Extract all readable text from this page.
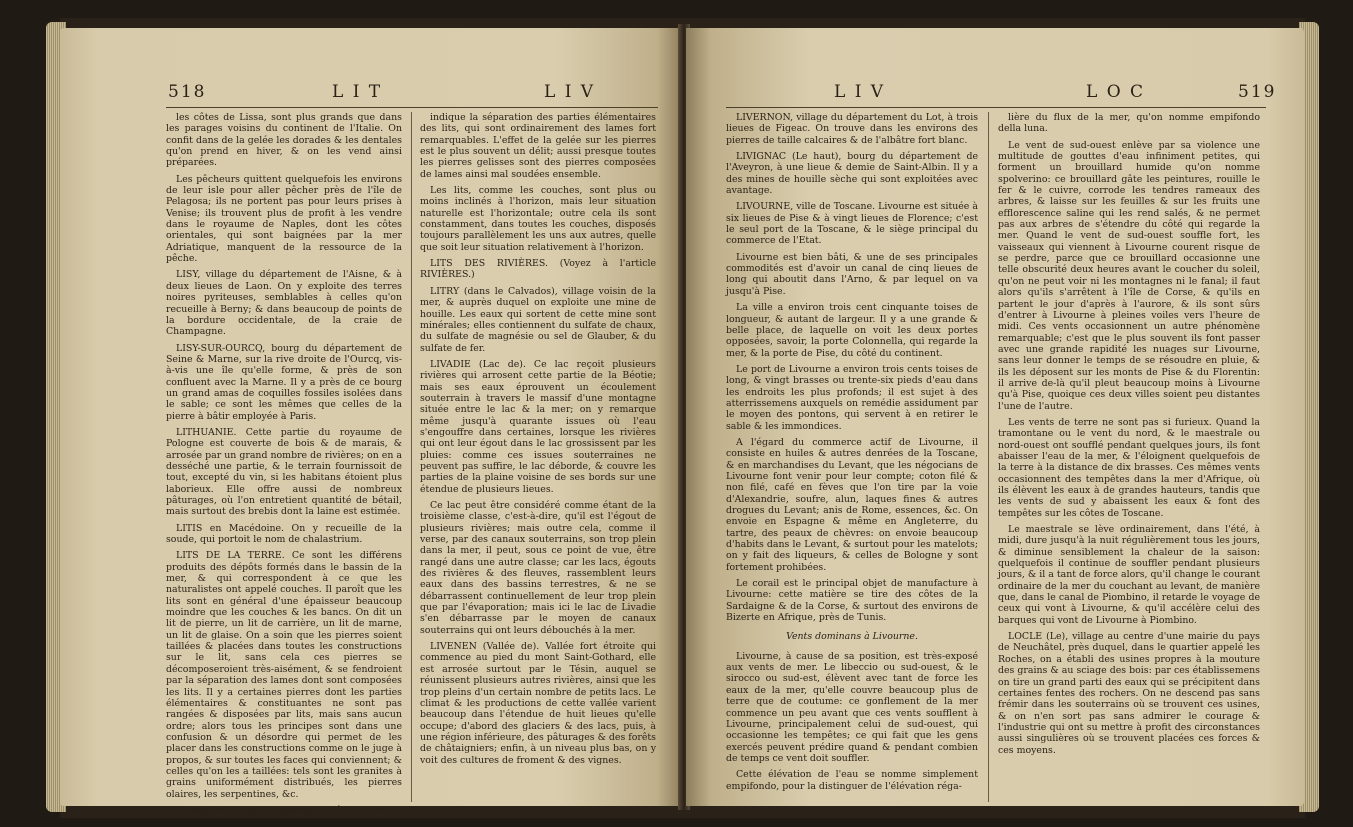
518	L I T	L I V

les côtes de Lissa, sont plus grands que dans les parages voisins du continent de l'Italie. On confit dans de la gelée les dorades & les dentales qu'on prend en hiver, & on les vend ainsi préparées.

Les pêcheurs quittent quelquefois les environs de leur isle pour aller pêcher près de l'île de Pelagosa; ils ne portent pas pour leurs prises à Venise; ils trouvent plus de profit à les vendre dans le royaume de Naples, dont les côtes orientales, qui sont baignées par la mer Adriatique, manquent de la ressource de la pêche.

LISY, village du département de l'Aisne, & à deux lieues de Laon. On y exploite des terres noires pyriteuses, semblables à celles qu'on recueille à Berny; & dans beaucoup de points de la bordure occidentale, de la craie de Champagne.

LISY-SUR-OURCQ, bourg du département de Seine & Marne, sur la rive droite de l'Ourcq, vis-à-vis une île qu'elle forme, & près de son confluent avec la Marne. Il y a près de ce bourg un grand amas de coquilles fossiles isolées dans le sable; ce sont les mêmes que celles de la pierre à bâtir employée à Paris.

LITHUANIE. Cette partie du royaume de Pologne est couverte de bois & de marais, & arrosée par un grand nombre de rivières; on en a desséché une partie, & le terrain fournissoit de tout, excepté du vin, si les habitans étoient plus laborieux. Elle offre aussi de nombreux pâturages, où l'on entretient quantité de bétail, mais surtout des brebis dont la laine est estimée.

LITIS en Macédoine. On y recueille de la soude, qui portoit le nom de chalastrium.

LITS DE LA TERRE. Ce sont les différens produits des dépôts formés dans le bassin de la mer, & qui correspondent à ce que les naturalistes ont appelé couches. Il paroît que les lits sont en général d'une épaisseur beaucoup moindre que les couches & les bancs. On dit un lit de pierre, un lit de carrière, un lit de marne, un lit de glaise. On a soin que les pierres soient taillées & placées dans toutes les constructions sur le lit, sans cela ces pierres se décomposeroient très-aisément, & se fendroient par la séparation des lames dont sont composées les lits. Il y a certaines pierres dont les parties élémentaires & constituantes ne sont pas rangées & disposées par lits, mais sans aucun ordre; alors tous les principes sont dans une confusion & un désordre qui permet de les placer dans les constructions comme on le juge à propos, & sur toutes les faces qui conviennent; & celles qu'on les a taillées: tels sont les granites à grains uniformément distribués, les pierres olaires, les serpentines, &c.

Lorsqu'on dit que les pierres se délitent, on

indique la séparation des parties élémentaires des lits, qui sont ordinairement des lames fort remarquables. L'effet de la gelée sur les pierres est le plus souvent un délit; aussi presque toutes les pierres gelisses sont des pierres composées de lames ainsi mal soudées ensemble.

Les lits, comme les couches, sont plus ou moins inclinés à l'horizon, mais leur situation naturelle est l'horizontale; outre cela ils sont constamment, dans toutes les couches, disposés toujours parallèlement les uns aux autres, quelle que soit leur situation relativement à l'horizon.

LITS DES RIVIÈRES. (Voyez à l'article RIVIÈRES.)

LITRY (dans le Calvados), village voisin de la mer, & auprès duquel on exploite une mine de houille. Les eaux qui sortent de cette mine sont minérales; elles contiennent du sulfate de chaux, du sulfate de magnésie ou sel de Glauber, & du sulfate de fer.

LIVADIE (Lac de). Ce lac reçoit plusieurs rivières qui arrosent cette partie de la Béotie; mais ses eaux éprouvent un écoulement souterrain à travers le massif d'une montagne située entre le lac & la mer; on y remarque même jusqu'à quarante issues où l'eau s'engouffre dans certaines, lorsque les rivières qui ont leur égout dans le lac grossissent par les pluies: comme ces issues souterraines ne peuvent pas suffire, le lac déborde, & couvre les parties de la plaine voisine de ses bords sur une étendue de plusieurs lieues.

Ce lac peut être considéré comme étant de la troisième classe, c'est-à-dire, qu'il est l'égout de plusieurs rivières; mais outre cela, comme il verse, par des canaux souterrains, son trop plein dans la mer, il peut, sous ce point de vue, être rangé dans une autre classe; car les lacs, égouts des rivières & des fleuves, rassemblent leurs eaux dans des bassins terrestres, & ne se débarrassent continuellement de leur trop plein que par l'évaporation; mais ici le lac de Livadie s'en débarrasse par le moyen de canaux souterrains qui ont leurs débouchés à la mer.

LIVENEN (Vallée de). Vallée fort étroite qui commence au pied du mont Saint-Gothard, elle est arrosée surtout par le Tésin, auquel se réunissent plusieurs autres rivières, ainsi que les trop pleins d'un certain nombre de petits lacs. Le climat & les productions de cette vallée varient beaucoup dans l'étendue de huit lieues qu'elle occupe; d'abord des glaciers & des lacs, puis, à une région inférieure, des pâturages & des forêts de châtaigniers; enfin, à un niveau plus bas, on y voit des cultures de froment & des vignes.

L I V	L O C	519

LIVERNON, village du département du Lot, à trois lieues de Figeac. On trouve dans les environs des pierres de taille calcaires & de l'albâtre fort blanc.

LIVIGNAC (Le haut), bourg du département de l'Aveyron, à une lieue & demie de Saint-Albin. Il y a des mines de houille sèche qui sont exploitées avec avantage.

LIVOURNE, ville de Toscane. Livourne est située à six lieues de Pise & à vingt lieues de Florence; c'est le seul port de la Toscane, & le siège principal du commerce de l'Etat.

Livourne est bien bâti, & une de ses principales commodités est d'avoir un canal de cinq lieues de long qui aboutit dans l'Arno, & par lequel on va jusqu'à Pise.

La ville a environ trois cent cinquante toises de longueur, & autant de largeur. Il y a une grande & belle place, de laquelle on voit les deux portes opposées, savoir, la porte Colonnella, qui regarde la mer, & la porte de Pise, du côté du continent.

Le port de Livourne a environ trois cents toises de long, & vingt brasses ou trente-six pieds d'eau dans les endroits les plus profonds; il est sujet à des atterrissemens auxquels on remédie assidument par le moyen des pontons, qui servent à en retirer le sable & les immondices.

A l'égard du commerce actif de Livourne, il consiste en huiles & autres denrées de la Toscane, & en marchandises du Levant, que les négocians de Livourne font venir pour leur compte; coton filé & non filé, café en fèves que l'on tire par la voie d'Alexandrie, soufre, alun, laques fines & autres drogues du Levant; anis de Rome, essences, &c. On envoie en Espagne & même en Angleterre, du tartre, des peaux de chèvres: on envoie beaucoup d'habits dans le Levant, & surtout pour les matelots; on y fait des liqueurs, & celles de Bologne y sont fortement prohibées.

Le corail est le principal objet de manufacture à Livourne: cette matière se tire des côtes de la Sardaigne & de la Corse, & surtout des environs de Bizerte en Afrique, près de Tunis.

Vents dominans à Livourne.

Livourne, à cause de sa position, est très-exposé aux vents de mer. Le libeccio ou sud-ouest, & le sirocco ou sud-est, élèvent avec tant de force les eaux de la mer, qu'elle couvre beaucoup plus de terre que de coutume: ce gonflement de la mer commence un peu avant que ces vents soufflent à Livourne, principalement celui de sud-ouest, qui occasionne les tempêtes; ce qui fait que les gens exercés peuvent prédire quand & pendant combien de temps ce vent doit souffler.

Cette élévation de l'eau se nomme simplement empifondo, pour la distinguer de l'élévation réga-

lière du flux de la mer, qu'on nomme empifondo della luna.

Le vent de sud-ouest enlève par sa violence une multitude de gouttes d'eau infiniment petites, qui forment un brouillard humide qu'on nomme spolverino: ce brouillard gâte les peintures, rouille le fer & le cuivre, corrode les tendres rameaux des arbres, & laisse sur les feuilles & sur les fruits une efflorescence saline qui les rend salés, & ne permet pas aux arbres de s'étendre du côté qui regarde la mer. Quand le vent de sud-ouest souffle fort, les vaisseaux qui viennent à Livourne courent risque de se perdre, parce que ce brouillard occasionne une telle obscurité deux heures avant le coucher du soleil, qu'on ne peut voir ni les montagnes ni le fanal; il faut alors qu'ils s'arrêtent à l'île de Corse, & qu'ils en partent le jour d'après à l'aurore, & ils sont sûrs d'entrer à Livourne à pleines voiles vers l'heure de midi. Ces vents occasionnent un autre phénomène remarquable; c'est que le plus souvent ils font passer avec une grande rapidité les nuages sur Livourne, sans leur donner le temps de se résoudre en pluie, & ils les déposent sur les monts de Pise & du Florentin: il arrive de-là qu'il pleut beaucoup moins à Livourne qu'à Pise, quoique ces deux villes soient peu distantes l'une de l'autre.

Les vents de terre ne sont pas si furieux. Quand la tramontane ou le vent du nord, & le maestrale ou nord-ouest ont soufflé pendant quelques jours, ils font abaisser l'eau de la mer, & l'éloignent quelquefois de la terre à la distance de dix brasses. Ces mêmes vents occasionnent des tempêtes dans la mer d'Afrique, où ils élèvent les eaux à de grandes hauteurs, tandis que les vents de sud y abaissent les eaux & font des tempêtes sur les côtes de Toscane.

Le maestrale se lève ordinairement, dans l'été, à midi, dure jusqu'à la nuit régulièrement tous les jours, & diminue sensiblement la chaleur de la saison: quelquefois il continue de souffler pendant plusieurs jours, & il a tant de force alors, qu'il change le courant ordinaire de la mer du couchant au levant, de manière que, dans le canal de Piombino, il retarde le voyage de ceux qui vont à Livourne, & qu'il accélère celui des barques qui vont de Livourne à Piombino.

LOCLE (Le), village au centre d'une mairie du pays de Neuchâtel, près duquel, dans le quartier appelé les Roches, on a établi des usines propres à la mouture des grains & au sciage des bois: par ces établissemens on tire un grand parti des eaux qui se précipitent dans certaines fentes des rochers. On ne descend pas sans frémir dans les souterrains où se trouvent ces usines, & on n'en sort pas sans admirer le courage & l'industrie qui ont su mettre à profit des circonstances aussi singulières où se trouvent placées ces forces & ces moyens.
